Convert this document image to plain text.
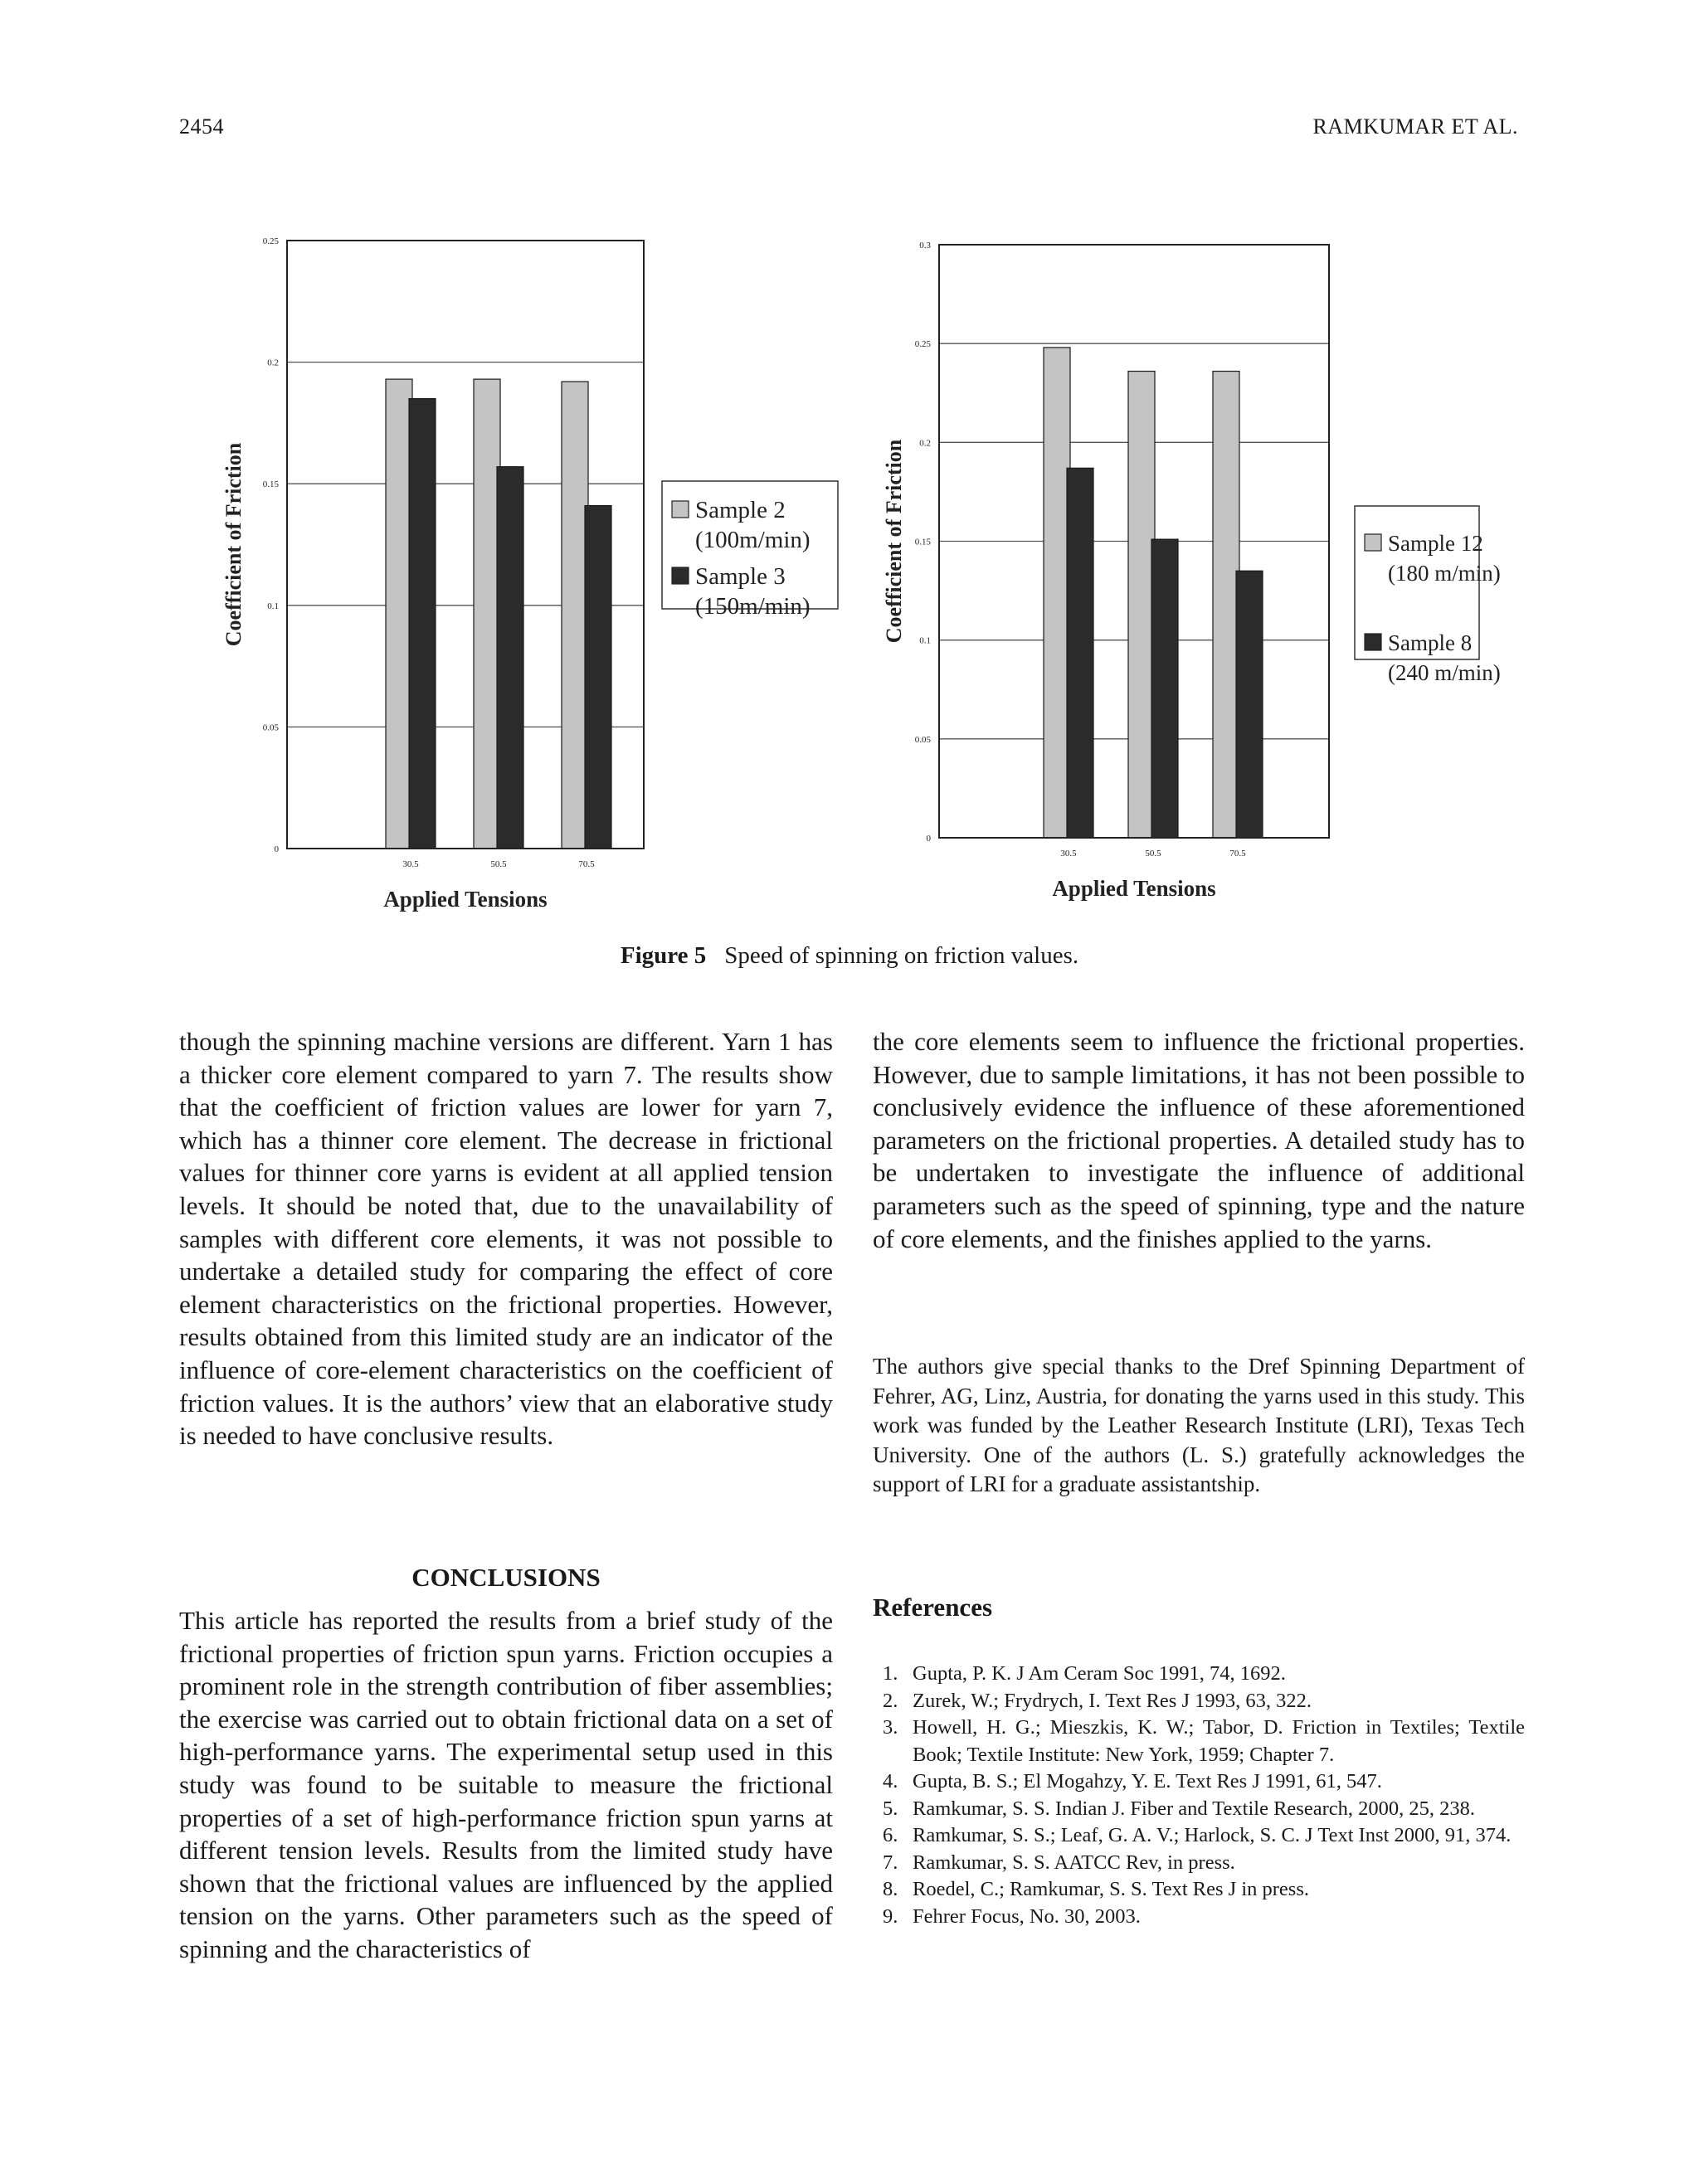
2454	RAMKUMAR ET AL.
0
0.05
0.1
0.15
0.2
0.25
30.5	50.5	70.5
Applied Tensions
Coefficient of Friction	Sample 2
(100m/min)
Sample 3
(150m/min)
0
0.05
0.1
0.15
0.2
0.25
0.3
30.5	50.5	70.5
Applied Tensions
Coefficient of Friction	Sample 12
(180 m/min)
Sample 8
(240 m/min)
Figure 5 Speed of spinning on friction values.

though the spinning machine versions are different. Yarn 1 has a thicker core element compared to yarn 7. The results show that the coefficient of friction values are lower for yarn 7, which has a thinner core element. The decrease in frictional values for thinner core yarns is evident at all applied tension levels. It should be noted that, due to the unavailability of samples with different core elements, it was not possible to undertake a detailed study for comparing the effect of core element characteristics on the frictional properties. However, results obtained from this limited study are an indicator of the influence of core-element characteristics on the coefficient of friction values. It is the authors’ view that an elaborative study is needed to have conclusive results.

CONCLUSIONS

This article has reported the results from a brief study of the frictional properties of friction spun yarns. Friction occupies a prominent role in the strength contribution of fiber assemblies; the exercise was carried out to obtain frictional data on a set of high-performance yarns. The experimental setup used in this study was found to be suitable to measure the frictional properties of a set of high-performance friction spun yarns at different tension levels. Results from the limited study have shown that the frictional values are influenced by the applied tension on the yarns. Other parameters such as the speed of spinning and the characteristics of

the core elements seem to influence the frictional properties. However, due to sample limitations, it has not been possible to conclusively evidence the influence of these aforementioned parameters on the frictional properties. A detailed study has to be undertaken to investigate the influence of additional parameters such as the speed of spinning, type and the nature of core elements, and the finishes applied to the yarns.

The authors give special thanks to the Dref Spinning Department of Fehrer, AG, Linz, Austria, for donating the yarns used in this study. This work was funded by the Leather Research Institute (LRI), Texas Tech University. One of the authors (L. S.) gratefully acknowledges the support of LRI for a graduate assistantship.

References
1. Gupta, P. K. J Am Ceram Soc 1991, 74, 1692.
2. Zurek, W.; Frydrych, I. Text Res J 1993, 63, 322.
3. Howell, H. G.; Mieszkis, K. W.; Tabor, D. Friction in Textiles; Textile Book; Textile Institute: New York, 1959; Chapter 7.
4. Gupta, B. S.; El Mogahzy, Y. E. Text Res J 1991, 61, 547.
5. Ramkumar, S. S. Indian J. Fiber and Textile Research, 2000, 25, 238.
6. Ramkumar, S. S.; Leaf, G. A. V.; Harlock, S. C. J Text Inst 2000, 91, 374.
7. Ramkumar, S. S. AATCC Rev, in press.
8. Roedel, C.; Ramkumar, S. S. Text Res J in press.
9. Fehrer Focus, No. 30, 2003.
